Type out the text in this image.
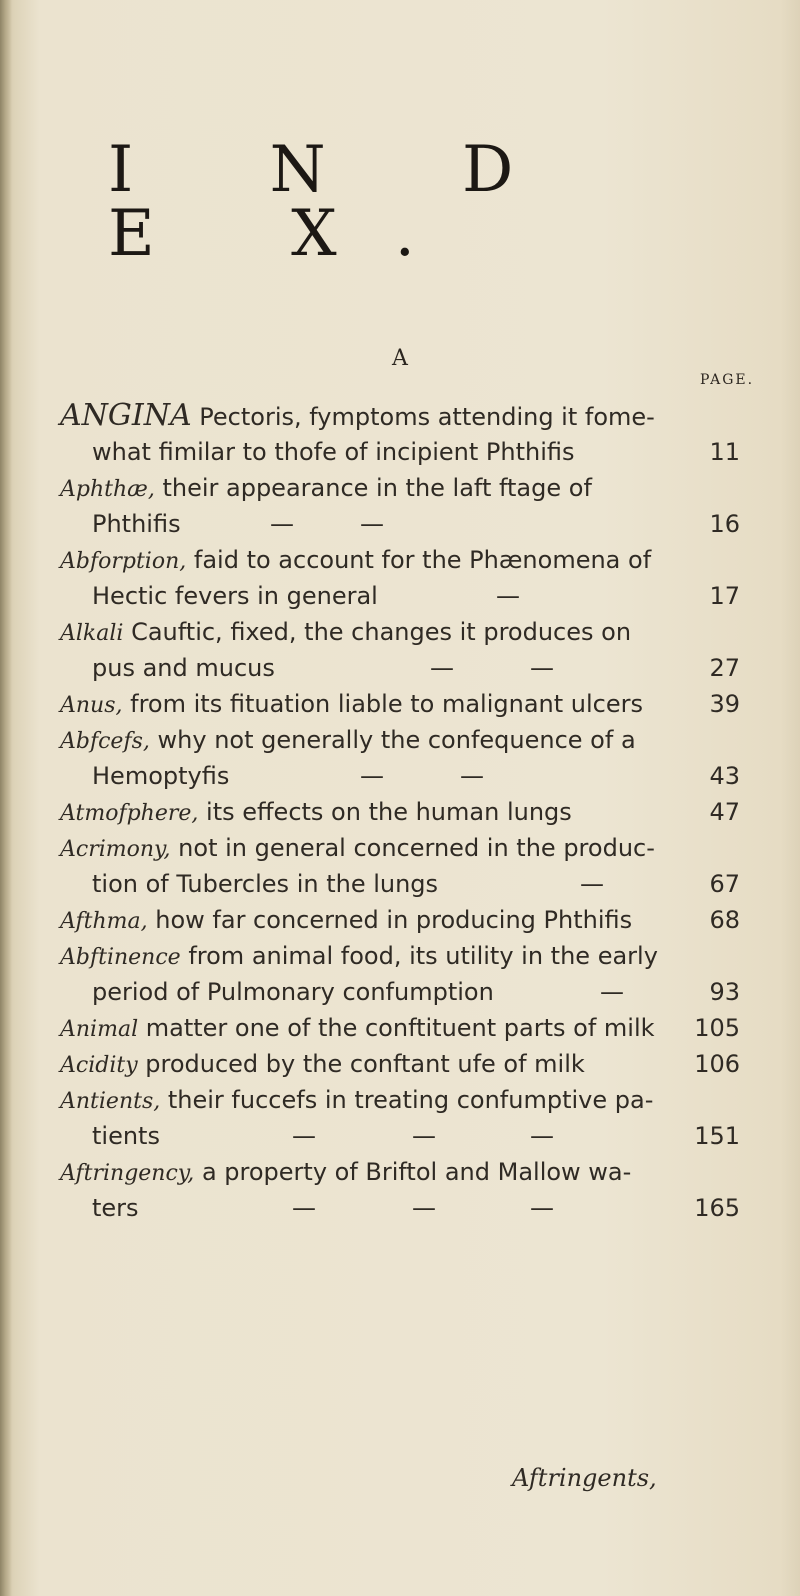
I N D E X.
A
PAGE.
ANGINA Pectoris, fymptoms attending it fome-
what fimilar to thofe of incipient Phthifis	11
Aphthæ, their appearance in the laft ftage of
Phthifis	—	—	16
Abforption, faid to account for the Phænomena of
Hectic fevers in general	—	17
Alkali Cauftic, fixed, the changes it produces on
pus and mucus	—	—	27
Anus, from its fituation liable to malignant ulcers	39
Abfcefs, why not generally the confequence of a
Hemoptyfis	—	—	43
Atmofphere, its effects on the human lungs	47
Acrimony, not in general concerned in the produc-
tion of Tubercles in the lungs	—	67
Afthma, how far concerned in producing Phthifis	68
Abftinence from animal food, its utility in the early
period of Pulmonary confumption	—	93
Animal matter one of the conftituent parts of milk 105
Acidity produced by the conftant ufe of milk	106
Antients, their fuccefs in treating confumptive pa-
tients	—	—	—	151
Aftringency, a property of Briftol and Mallow wa-
ters	—	—	—	165
Aftringents,
